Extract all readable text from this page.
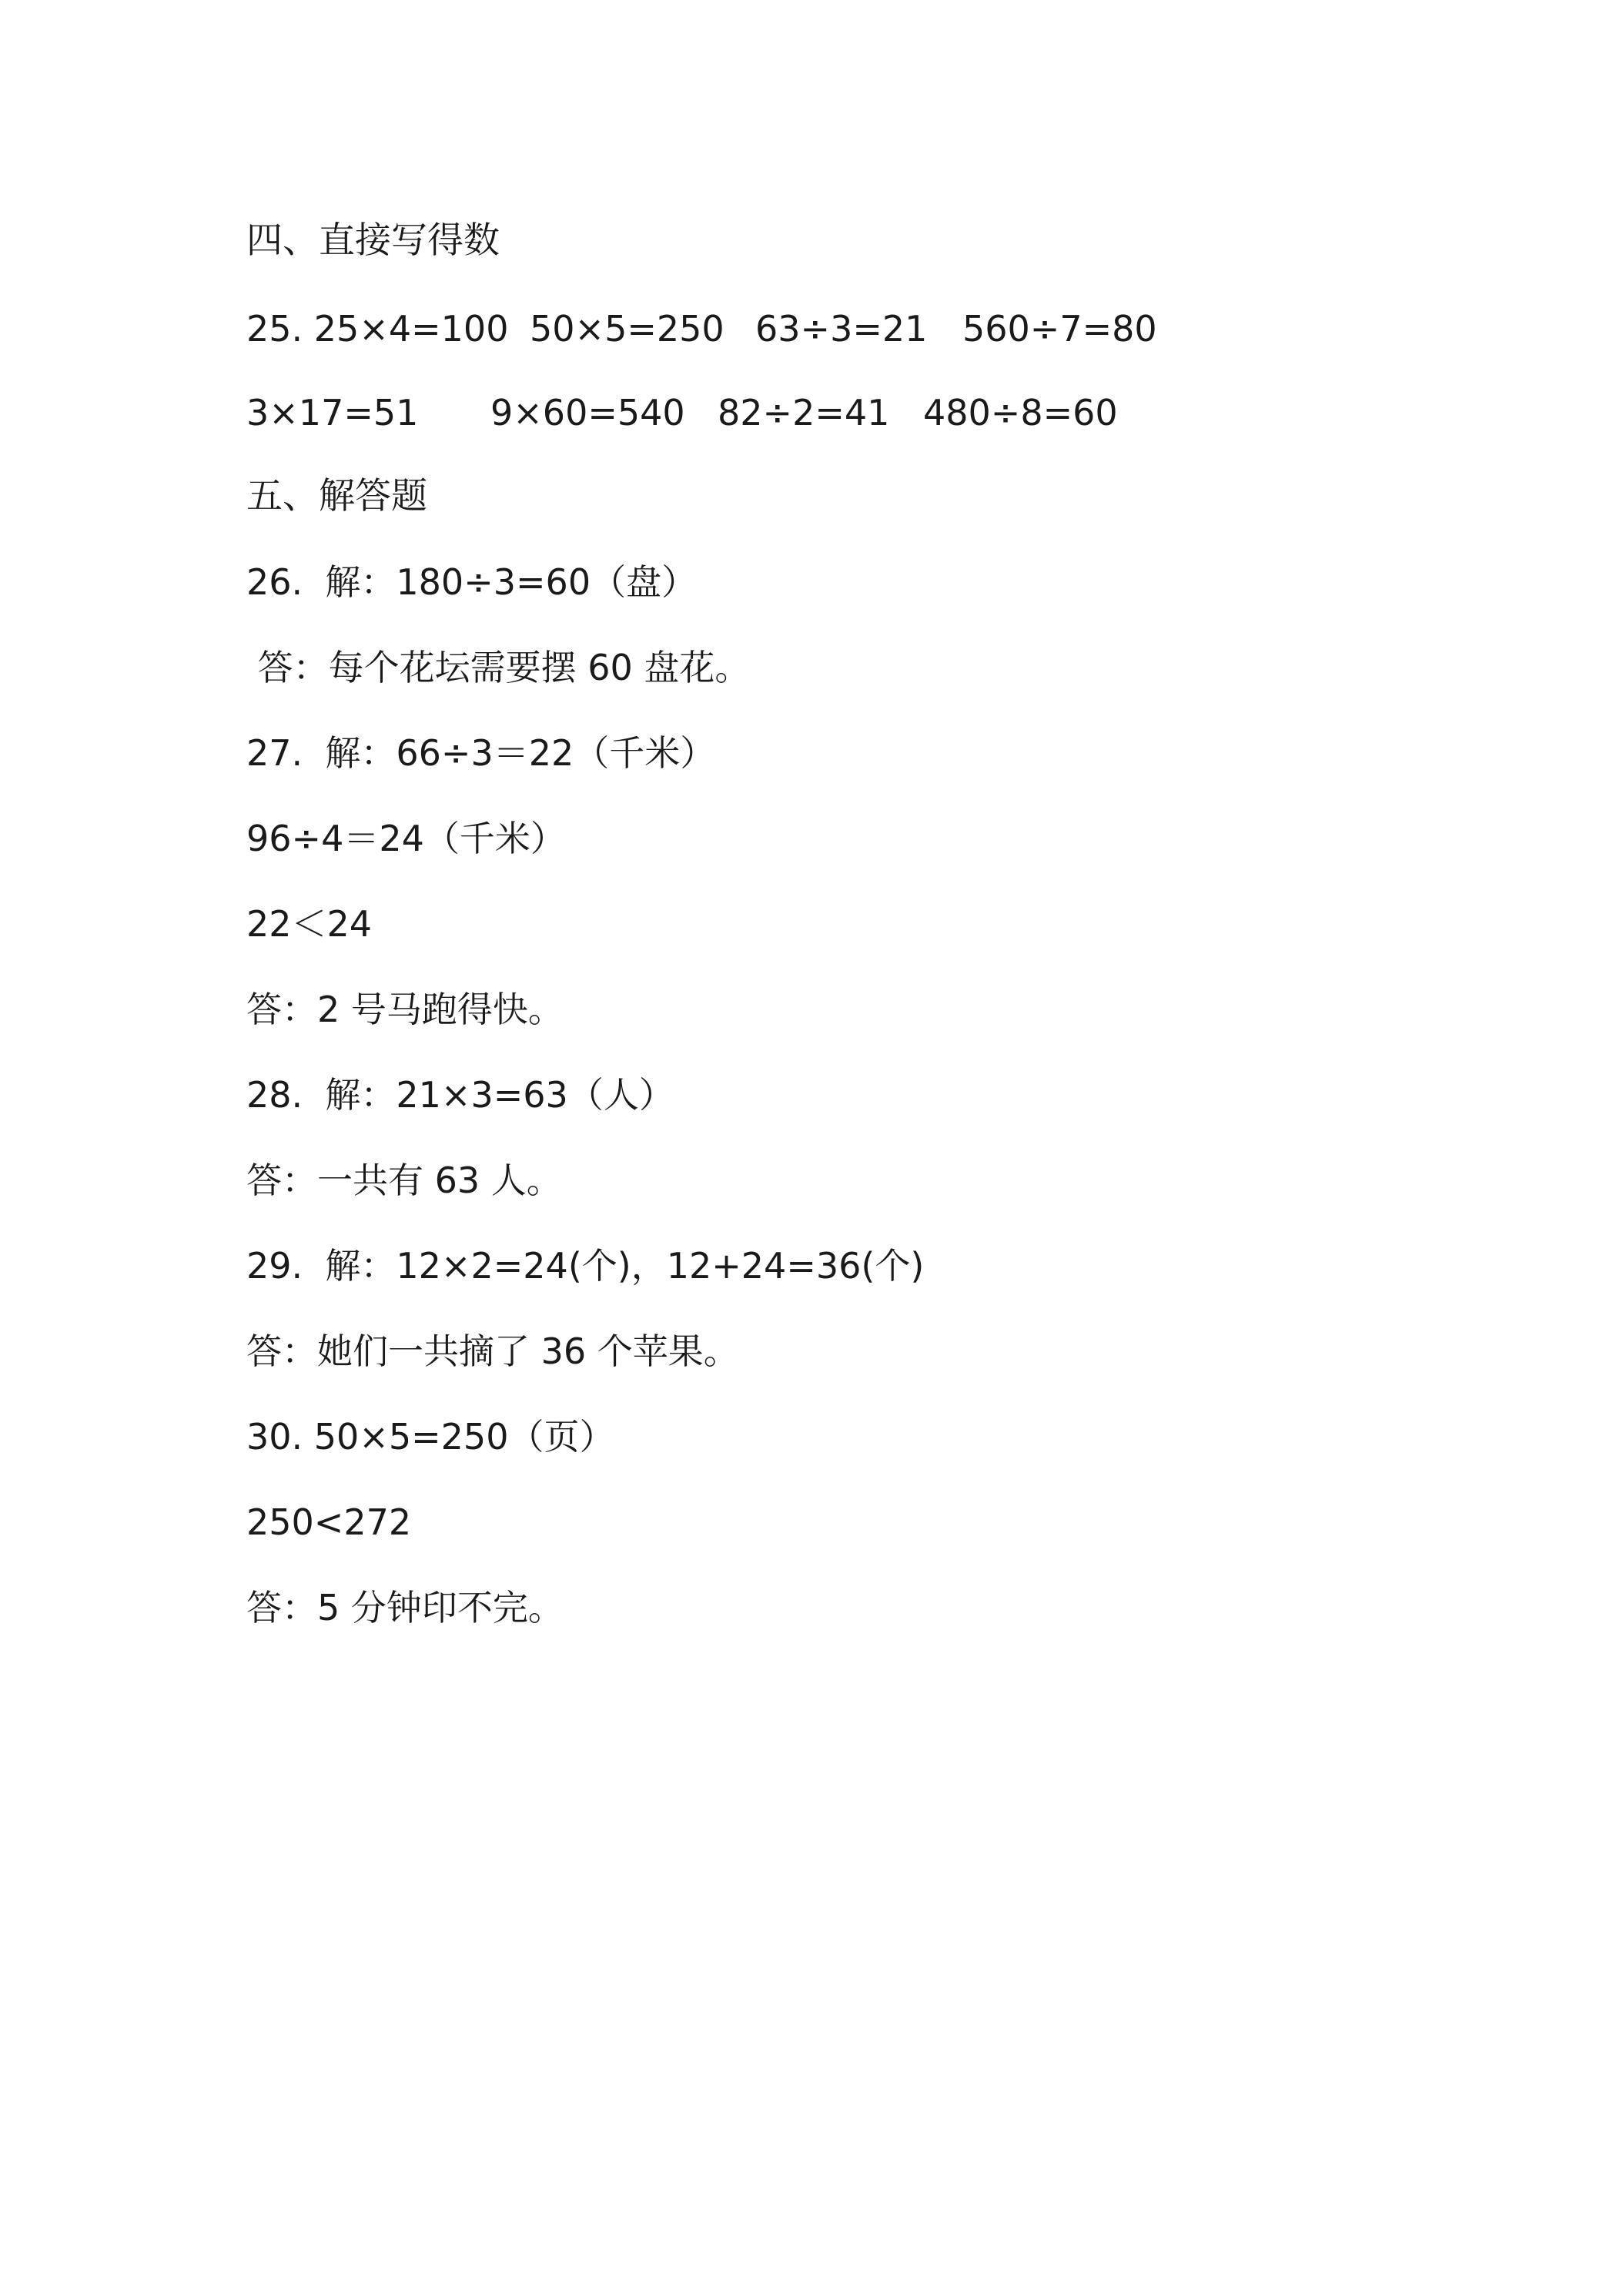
四、直接写得数
25. 25×4=100 50×5=250 63÷3=21 560÷7=80
3×17=51 9×60=540 82÷2=41 480÷8=60
五、解答题
26.  解：180÷3=60（盘）
答：每个花坛需要摆 60 盘花。
27.  解：66÷3＝22（千米）
96÷4＝24（千米）
22＜24
答：2 号马跑得快。
28.  解：21×3=63（人）
答：一共有 63 人。
29.  解：12×2=24(个)，12+24=36(个)
答：她们一共摘了 36 个苹果。
30. 50×5=250（页）
250<272
答：5 分钟印不完。
